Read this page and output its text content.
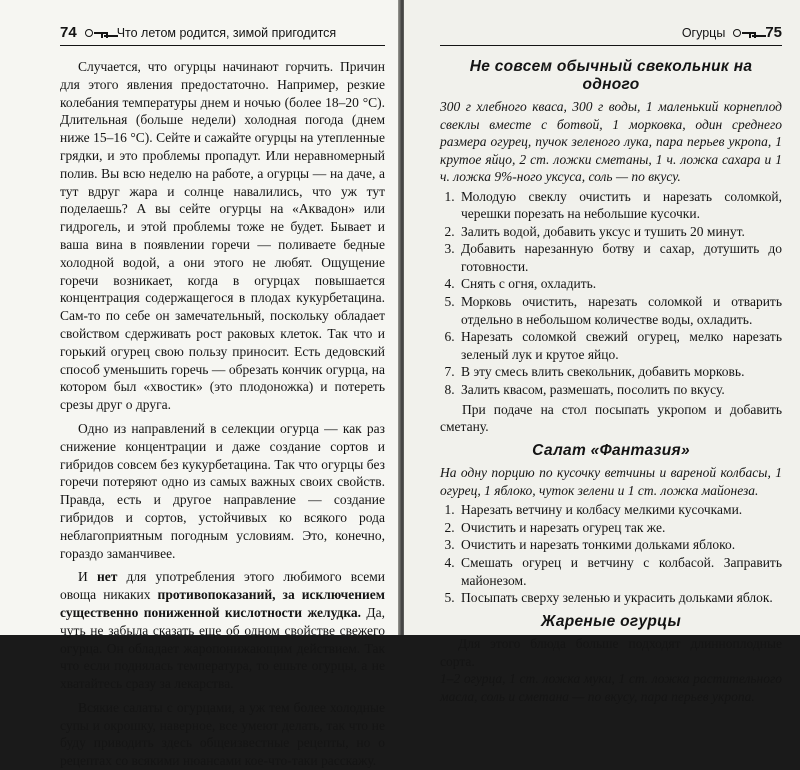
74	Что летом родится, зимой пригодится

Случается, что огурцы начинают горчить. Причин для этого явления предостаточно. Например, резкие колебания температуры днем и ночью (более 18–20 °С). Длительная (больше недели) холодная погода (днем ниже 15–16 °С). Сейте и сажайте огурцы на утепленные грядки, и это проблемы пропадут. Или неравномерный полив. Вы всю неделю на работе, а огурцы — на даче, а тут вдруг жара и солнце навалились, что уж тут поделаешь? А вы сейте огурцы на «Аквадон» или гидрогель, и этой проблемы тоже не будет. Бывает и ваша вина в появлении горечи — поливаете бедные холодной водой, а они этого не любят. Ощущение горечи возникает, когда в огурцах повышается концентрация содержащегося в плодах кукурбетацина. Сам-то по себе он замечательный, поскольку обладает свойством сдерживать рост раковых клеток. Так что и горький огурец свою пользу приносит. Есть дедовский способ уменьшить горечь — обрезать кончик огурца, на котором был «хвостик» (это плодоножка) и потереть срезы друг о друга.

Одно из направлений в селекции огурца — как раз снижение концентрации и даже создание сортов и гибридов совсем без кукурбетацина. Так что огурцы без горечи потеряют одно из самых важных своих свойств. Правда, есть и другое направление — создание гибридов и сортов, устойчивых ко всякого рода неблагоприятным погодным условиям. Это, конечно, гораздо заманчивее.

И нет для употребления этого любимого всеми овоща никаких противопоказаний, за исключением существенно пониженной кислотности желудка. Да, чуть не забыла сказать еще об одном свойстве свежего огурца. Он обладает жаропонижающим действием. Так что если поднялась температура, то ешьте огурцы, а не хватайтесь сразу за лекарства.

Всякие салаты с огурцами, а уж тем более холодные супы и окрошку, наверное, все умеют делать, так что не буду приводить здесь общеизвестные рецепты, но о рецептах со всякими нюансами кое-что-таки расскажу.

Огурцы	75
Не совсем обычный свекольник на одного
300 г хлебного кваса, 300 г воды, 1 маленький корнеплод свеклы вместе с ботвой, 1 морковка, один среднего размера огурец, пучок зеленого лука, пара перьев укропа, 1 крутое яйцо, 2 ст. ложки сметаны, 1 ч. ложка сахара и 1 ч. ложка 9%-ного уксуса, соль — по вкусу.
1. Молодую свеклу очистить и нарезать соломкой, черешки порезать на небольшие кусочки.
2. Залить водой, добавить уксус и тушить 20 минут.
3. Добавить нарезанную ботву и сахар, дотушить до готовности.
4. Снять с огня, охладить.
5. Морковь очистить, нарезать соломкой и отварить отдельно в небольшом количестве воды, охладить.
6. Нарезать соломкой свежий огурец, мелко нарезать зеленый лук и крутое яйцо.
7. В эту смесь влить свекольник, добавить морковь.
8. Залить квасом, размешать, посолить по вкусу.

При подаче на стол посыпать укропом и добавить сметану.

Салат «Фантазия»
На одну порцию по кусочку ветчины и вареной колбасы, 1 огурец, 1 яблоко, чуток зелени и 1 ст. ложка майонеза.
1. Нарезать ветчину и колбасу мелкими кусочками.
2. Очистить и нарезать огурец так же.
3. Очистить и нарезать тонкими дольками яблоко.
4. Смешать огурец и ветчину с колбасой. Заправить майонезом.
5. Посыпать сверху зеленью и украсить дольками яблок.
Жареные огурцы

Для этого блюда больше подходят длинноплодные сорта.

1–2 огурца, 1 ст. ложка муки, 1 ст. ложка растительного масла, соль и сметана — по вкусу, пара перьев укропа.
